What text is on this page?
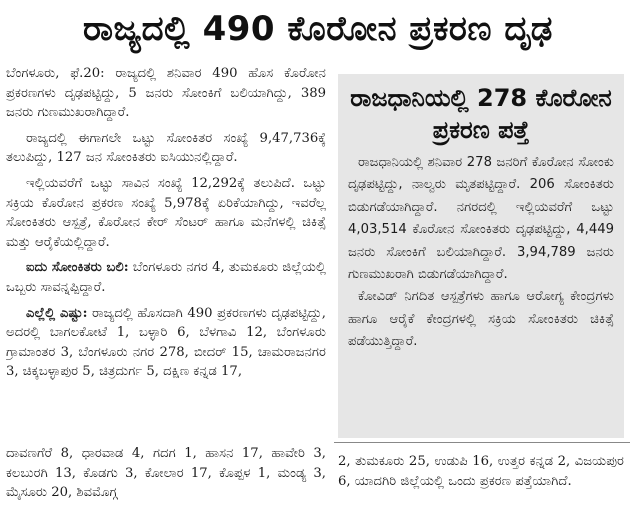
ರಾಜ್ಯದಲ್ಲಿ 490 ಕೊರೋನ ಪ್ರಕರಣ ದೃಢ

ಬೆಂಗಳೂರು, ಫೆ.20: ರಾಜ್ಯದಲ್ಲಿ ಶನಿವಾರ 490 ಹೊಸ ಕೊರೋನ ಪ್ರಕರಣಗಳು ದೃಢಪಟ್ಟಿದ್ದು, 5 ಜನರು ಸೋಂಕಿಗೆ ಬಲಿಯಾಗಿದ್ದು, 389 ಜನರು ಗುಣಮುಖರಾಗಿದ್ದಾರೆ.

ರಾಜ್ಯದಲ್ಲಿ ಈಗಾಗಲೇ ಒಟ್ಟು ಸೋಂಕಿತರ ಸಂಖ್ಯೆ 9,47,736ಕ್ಕೆ ತಲುಪಿದ್ದು, 127 ಜನ ಸೋಂಕಿತರು ಐಸಿಯುನಲ್ಲಿದ್ದಾರೆ.

ಇಲ್ಲಿಯವರೆಗೆ ಒಟ್ಟು ಸಾವಿನ ಸಂಖ್ಯೆ 12,292ಕ್ಕೆ ತಲುಪಿದೆ. ಒಟ್ಟು ಸಕ್ರಿಯ ಕೊರೋನ ಪ್ರಕರಣ ಸಂಖ್ಯೆ 5,978ಕ್ಕೆ ಏರಿಕೆಯಾಗಿದ್ದು, ಇವರೆಲ್ಲ ಸೋಂಕಿತರು ಆಸ್ಪತ್ರೆ, ಕೊರೋನ ಕೇರ್ ಸೆಂಟರ್ ಹಾಗೂ ಮನೆಗಳಲ್ಲಿ ಚಿಕಿತ್ಸೆ ಮತ್ತು ಆರೈಕೆಯಲ್ಲಿದ್ದಾರೆ.

ಐದು ಸೋಂಕಿತರು ಬಲಿ: ಬೆಂಗಳೂರು ನಗರ 4, ತುಮಕೂರು ಜಿಲ್ಲೆಯಲ್ಲಿ ಒಬ್ಬರು ಸಾವನ್ನಪ್ಪಿದ್ದಾರೆ.

ಎಲ್ಲೆಲ್ಲಿ ಎಷ್ಟು: ರಾಜ್ಯದಲ್ಲಿ ಹೊಸದಾಗಿ 490 ಪ್ರಕರಣಗಳು ದೃಢಪಟ್ಟಿದ್ದು, ಅದರಲ್ಲಿ ಬಾಗಲಕೋಟೆ 1, ಬಳ್ಳಾರಿ 6, ಬೆಳಗಾವಿ 12, ಬೆಂಗಳೂರು ಗ್ರಾಮಾಂತರ 3, ಬೆಂಗಳೂರು ನಗರ 278, ಬೀದರ್ 15, ಚಾಮರಾಜನಗರ 3, ಚಿಕ್ಕಬಳ್ಳಾಪುರ 5, ಚಿತ್ರದುರ್ಗ 5, ದಕ್ಷಿಣ ಕನ್ನಡ 17,

ರಾಜಧಾನಿಯಲ್ಲಿ 278 ಕೊರೋನ ಪ್ರಕರಣ ಪತ್ತೆ

ರಾಜಧಾನಿಯಲ್ಲಿ ಶನಿವಾರ 278 ಜನರಿಗೆ ಕೊರೋನ ಸೋಂಕು ದೃಢಪಟ್ಟಿದ್ದು, ನಾಲ್ವರು ಮೃತಪಟ್ಟಿದ್ದಾರೆ. 206 ಸೋಂಕಿತರು ಬಿಡುಗಡೆಯಾಗಿದ್ದಾರೆ. ನಗರದಲ್ಲಿ ಇಲ್ಲಿಯವರೆಗೆ ಒಟ್ಟು 4,03,514 ಕೊರೋನ ಸೋಂಕಿತರು ದೃಢಪಟ್ಟಿದ್ದು, 4,449 ಜನರು ಸೋಂಕಿಗೆ ಬಲಿಯಾಗಿದ್ದಾರೆ. 3,94,789 ಜನರು ಗುಣಮುಖರಾಗಿ ಬಿಡುಗಡೆಯಾಗಿದ್ದಾರೆ.

ಕೋವಿಡ್ ನಿಗದಿತ ಆಸ್ಪತ್ರೆಗಳು ಹಾಗೂ ಆರೋಗ್ಯ ಕೇಂದ್ರಗಳು ಹಾಗೂ ಆರೈಕೆ ಕೇಂದ್ರಗಳಲ್ಲಿ ಸಕ್ರಿಯ ಸೋಂಕಿತರು ಚಿಕಿತ್ಸೆ ಪಡೆಯುತ್ತಿದ್ದಾರೆ.

ದಾವಣಗೆರೆ 8, ಧಾರವಾಡ 4, ಗದಗ 1, ಹಾಸನ 17, ಹಾವೇರಿ 3, ಕಲಬುರಗಿ 13, ಕೊಡಗು 3, ಕೋಲಾರ 17, ಕೊಪ್ಪಳ 1, ಮಂಡ್ಯ 3, ಮೈಸೂರು 20, ಶಿವಮೊಗ್ಗ
2, ತುಮಕೂರು 25, ಉಡುಪಿ 16, ಉತ್ತರ ಕನ್ನಡ 2, ವಿಜಯಪುರ 6, ಯಾದಗಿರಿ ಜಿಲ್ಲೆಯಲ್ಲಿ ಒಂದು ಪ್ರಕರಣ ಪತ್ತೆಯಾಗಿದೆ.
